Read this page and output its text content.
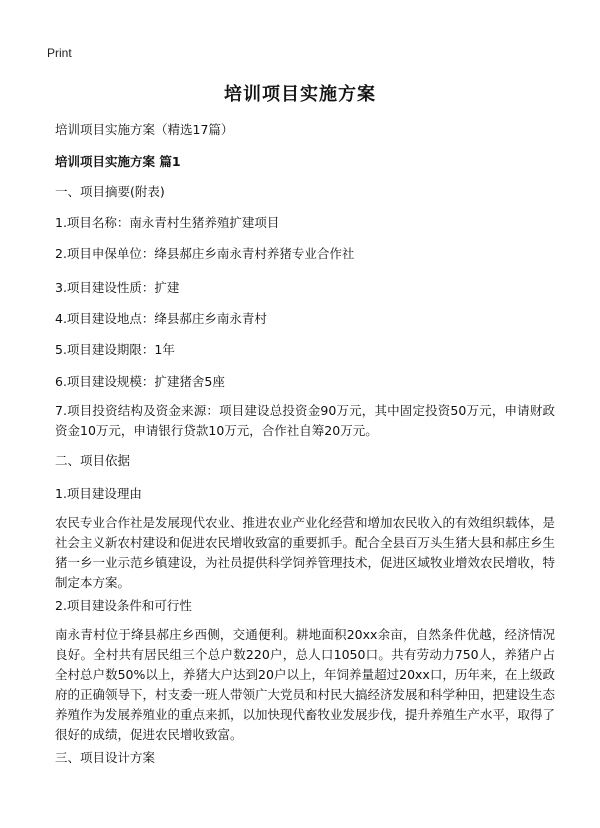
Print
培训项目实施方案
培训项目实施方案（精选17篇）
培训项目实施方案 篇1
一、项目摘要(附表)
1.项目名称：南永青村生猪养殖扩建项目
2.项目申保单位：绛县郝庄乡南永青村养猪专业合作社
3.项目建设性质：扩建
4.项目建设地点：绛县郝庄乡南永青村
5.项目建设期限：1年
6.项目建设规模：扩建猪舍5座
7.项目投资结构及资金来源：项目建设总投资金90万元，其中固定投资50万元，申请财政资金10万元，申请银行贷款10万元，合作社自筹20万元。
二、项目依据
1.项目建设理由
农民专业合作社是发展现代农业、推进农业产业化经营和增加农民收入的有效组织载体，是社会主义新农村建设和促进农民增收致富的重要抓手。配合全县百万头生猪大县和郝庄乡生猪一乡一业示范乡镇建设，为社员提供科学饲养管理技术，促进区域牧业增效农民增收，特制定本方案。
2.项目建设条件和可行性
南永青村位于绛县郝庄乡西侧，交通便利。耕地面积20xx余亩，自然条件优越，经济情况良好。全村共有居民组三个总户数220户，总人口1050口。共有劳动力750人，养猪户占全村总户数50%以上，养猪大户达到20户以上，年饲养量超过20xx口，历年来，在上级政府的正确领导下，村支委一班人带领广大党员和村民大搞经济发展和科学种田，把建设生态养殖作为发展养殖业的重点来抓，以加快现代畜牧业发展步伐，提升养殖生产水平，取得了很好的成绩，促进农民增收致富。
三、项目设计方案
